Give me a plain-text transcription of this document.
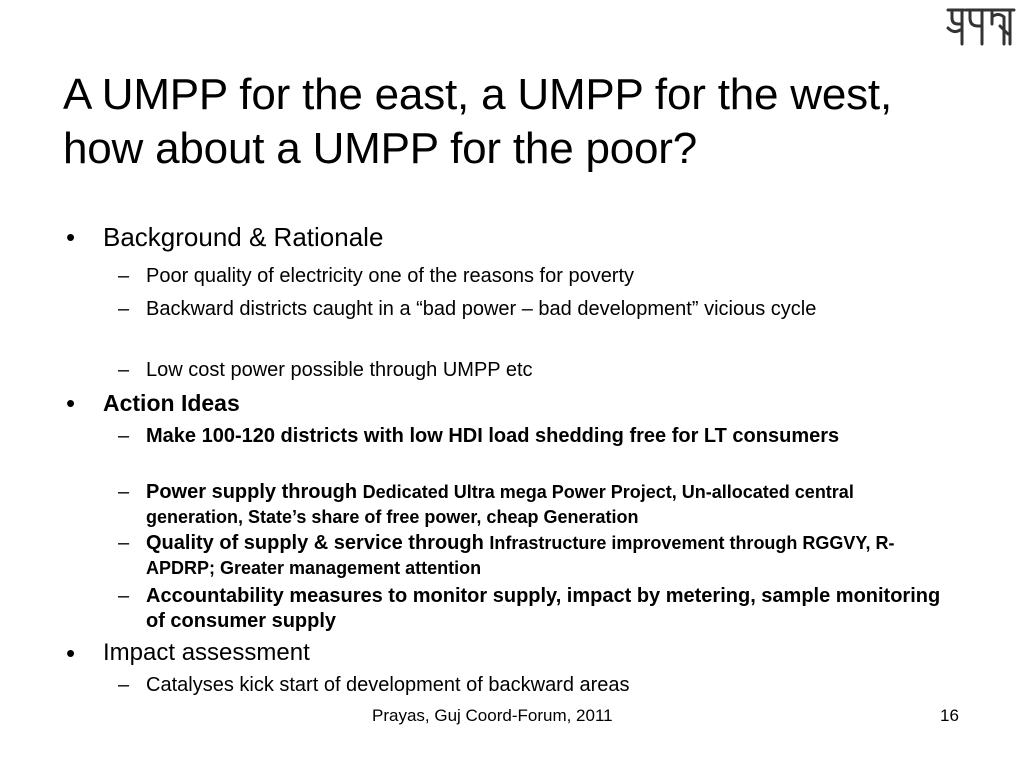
A UMPP for the east, a UMPP for the west, how about a UMPP for the poor?
• Background & Rationale
– Poor quality of electricity one of the reasons for poverty
– Backward districts caught in a “bad power – bad development” vicious cycle
– Low cost power possible through UMPP etc
• Action Ideas
– Make 100-120 districts with low HDI load shedding free for LT consumers
– Power supply through Dedicated Ultra mega Power Project, Un-allocated central generation, State’s share of free power, cheap Generation
– Quality of supply & service through Infrastructure improvement through RGGVY, R-APDRP; Greater management attention
– Accountability measures to monitor supply, impact by metering, sample monitoring of consumer supply
• Impact assessment
– Catalyses kick start of development of backward areas
Prayas, Guj Coord-Forum, 2011	16
